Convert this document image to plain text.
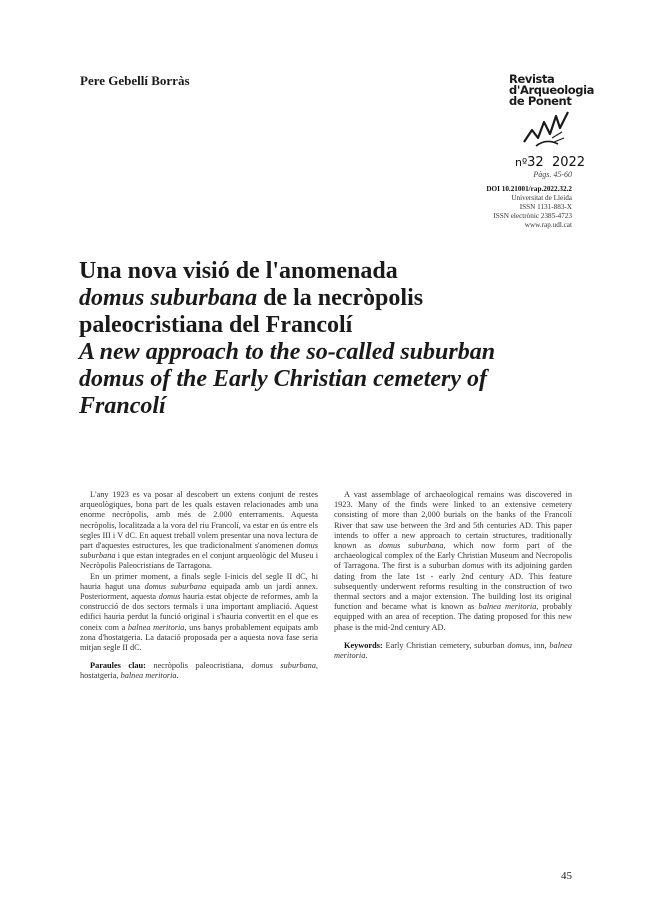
Pere Gebellí Borràs	Revista
d'Arqueologia
de Ponent
nº32 2022
Pàgs. 45-60
DOI 10.21001/rap.2022.32.2
Universitat de Lleida
ISSN 1131-883-X
ISSN electrònic 2385-4723
www.rap.udl.cat
Una nova visió de l'anomenada
domus suburbana de la necròpolis
paleocristiana del Francolí
A new approach to the so-called suburban
domus of the Early Christian cemetery of
Francolí

L'any 1923 es va posar al descobert un extens conjunt de restes arqueològiques, bona part de les quals estaven relacionades amb una enorme necròpolis, amb més de 2.000 enterraments. Aquesta necròpolis, localitzada a la vora del riu Francolí, va estar en ús entre els segles III i V dC. En aquest treball volem presentar una nova lectura de part d'aquestes estructures, les que tradicionalment s'anomenen domus suburbana i que estan integrades en el conjunt arqueològic del Museu i Necròpolis Paleocristians de Tarragona.

En un primer moment, a finals segle I-inicis del segle II dC, hi hauria hagut una domus suburbana equipada amb un jardí annex. Posteriorment, aquesta domus hauria estat objecte de reformes, amb la construcció de dos sectors termals i una important ampliació. Aquest edifici hauria perdut la funció original i s'hauria convertit en el que es coneix com a balnea meritoria, uns banys probablement equipats amb zona d'hostatgeria. La datació proposada per a aquesta nova fase seria mitjan segle II dC.

Paraules clau: necròpolis paleocristiana, domus suburbana, hostatgeria, balnea meritoria.

A vast assemblage of archaeological remains was discovered in 1923. Many of the finds were linked to an extensive cemetery consisting of more than 2,000 burials on the banks of the Francolí River that saw use between the 3rd and 5th centuries AD. This paper intends to offer a new approach to certain structures, traditionally known as domus suburbana, which now form part of the archaeological complex of the Early Christian Museum and Necropolis of Tarragona. The first is a suburban domus with its adjoining garden dating from the late 1st - early 2nd century AD. This feature subsequently underwent reforms resulting in the construction of two thermal sectors and a major extension. The building lost its original function and became what is known as balnea meritoria, probably equipped with an area of reception. The dating proposed for this new phase is the mid-2nd century AD.

Keywords: Early Christian cemetery, suburban domus, inn, balnea meritoria.

45
